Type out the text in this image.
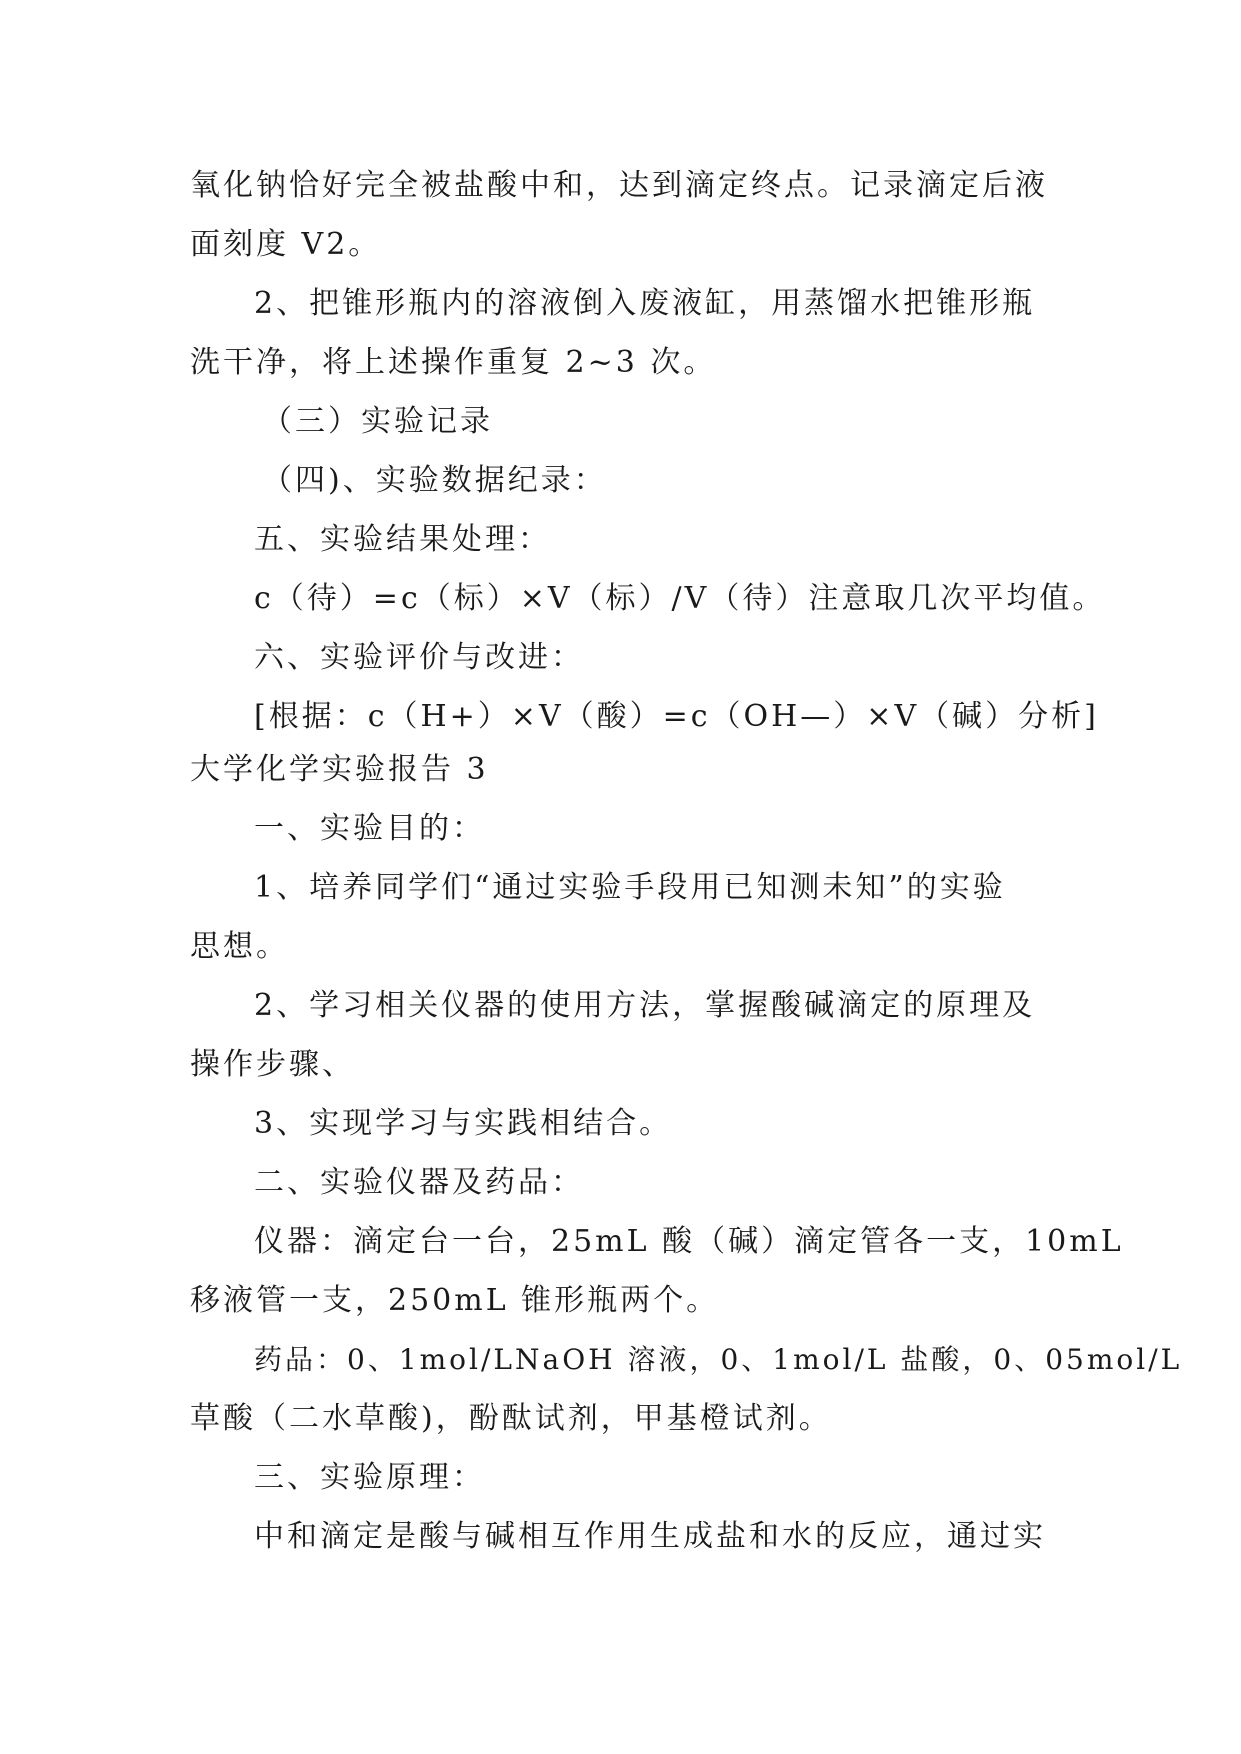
氧化钠恰好完全被盐酸中和，达到滴定终点。记录滴定后液
面刻度 V2。
2、把锥形瓶内的溶液倒入废液缸，用蒸馏水把锥形瓶
洗干净，将上述操作重复 2~3 次。
（三）实验记录
（四)、实验数据纪录：
五、实验结果处理：
c（待）=c（标）×V（标）/V（待）注意取几次平均值。
六、实验评价与改进：
[根据：c（H+）×V（酸）=c（OH—）×V（碱）分析]
大学化学实验报告 3
一、实验目的：
1、培养同学们“通过实验手段用已知测未知”的实验
思想。
2、学习相关仪器的使用方法，掌握酸碱滴定的原理及
操作步骤、
3、实现学习与实践相结合。
二、实验仪器及药品：
仪器：滴定台一台，25mL 酸（碱）滴定管各一支，10mL
移液管一支，250mL 锥形瓶两个。
药品：0、1mol/LNaOH 溶液，0、1mol/L 盐酸，0、05mol/L
草酸（二水草酸)，酚酞试剂，甲基橙试剂。
三、实验原理：
中和滴定是酸与碱相互作用生成盐和水的反应，通过实
